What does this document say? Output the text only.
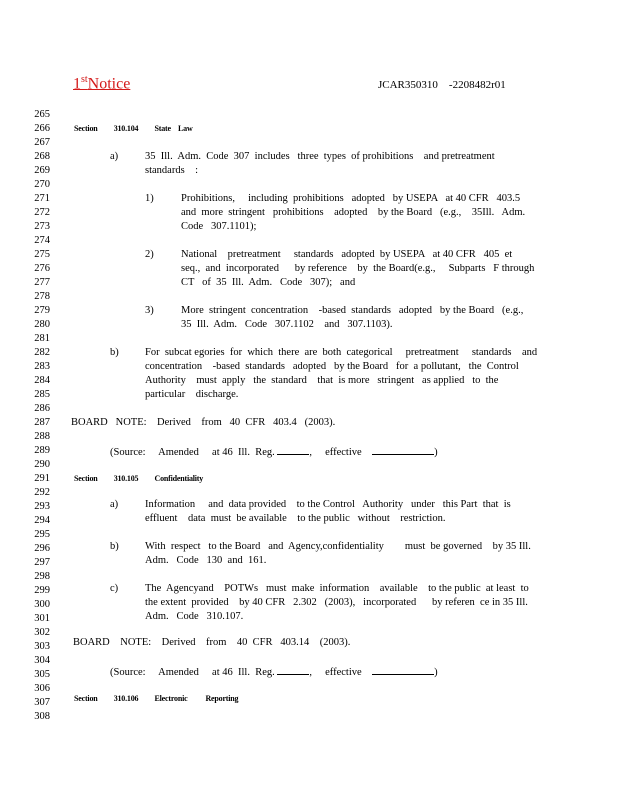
1stNotice	JCAR350310 -2208482r01
265
266
267
268
269
270
271
272
273
274
275
276
277
278
279
280
281
282
283
284
285
286
287
288
289
290
291
292
293
294
295
296
297
298
299
300
301
302
303
304
305
306
307
308
Section 310.104 State    Law
a)	35  Ill.  Adm.  Code  307  includes   three  types  of prohibitions    and pretreatment
standards    :
1)	Prohibitions,     including  prohibitions   adopted   by USEPA   at 40 CFR   403.5
and  more  stringent   prohibitions    adopted    by the Board   (e.g.,    35Ill.   Adm.
Code   307.1101);
2)	National    pretreatment     standards   adopted  by USEPA   at 40 CFR   405  et
seq.,  and  incorporated      by reference    by  the Board(e.g.,     Subparts   F through
CT   of  35  Ill.  Adm.   Code   307);   and
3)	More  stringent  concentration    -based  standards   adopted   by the Board   (e.g.,
35  Ill.  Adm.   Code   307.1102    and   307.1103).
b)	For  subcat egories  for  which  there  are  both  categorical     pretreatment     standards    and
concentration    -based  standards   adopted   by the Board   for  a pollutant,   the  Control
Authority    must  apply   the  standard    that  is more   stringent   as applied   to  the
particular    discharge.
BOARD   NOTE:    Derived    from   40  CFR   403.4   (2003).
(Source:     Amended     at 46  Ill.  Reg.	,     effective	)
Section 310.105 Confidentiality
a)	Information     and  data provided    to the Control   Authority   under   this Part  that  is
effluent    data  must  be available    to the public   without    restriction.
b)	With  respect   to the Board   and  Agency,confidentiality        must  be governed    by 35 Ill.
Adm.   Code   130  and  161.
c)	The  Agencyand    POTWs   must  make  information    available    to the public  at least  to
the extent  provided    by 40 CFR   2.302   (2003),   incorporated      by referen  ce in 35 Ill.
Adm.   Code   310.107.
BOARD    NOTE:    Derived    from    40  CFR   403.14    (2003).
(Source:     Amended     at 46  Ill.  Reg.	,     effective	)
Section 310.106 Electronic          Reporting
